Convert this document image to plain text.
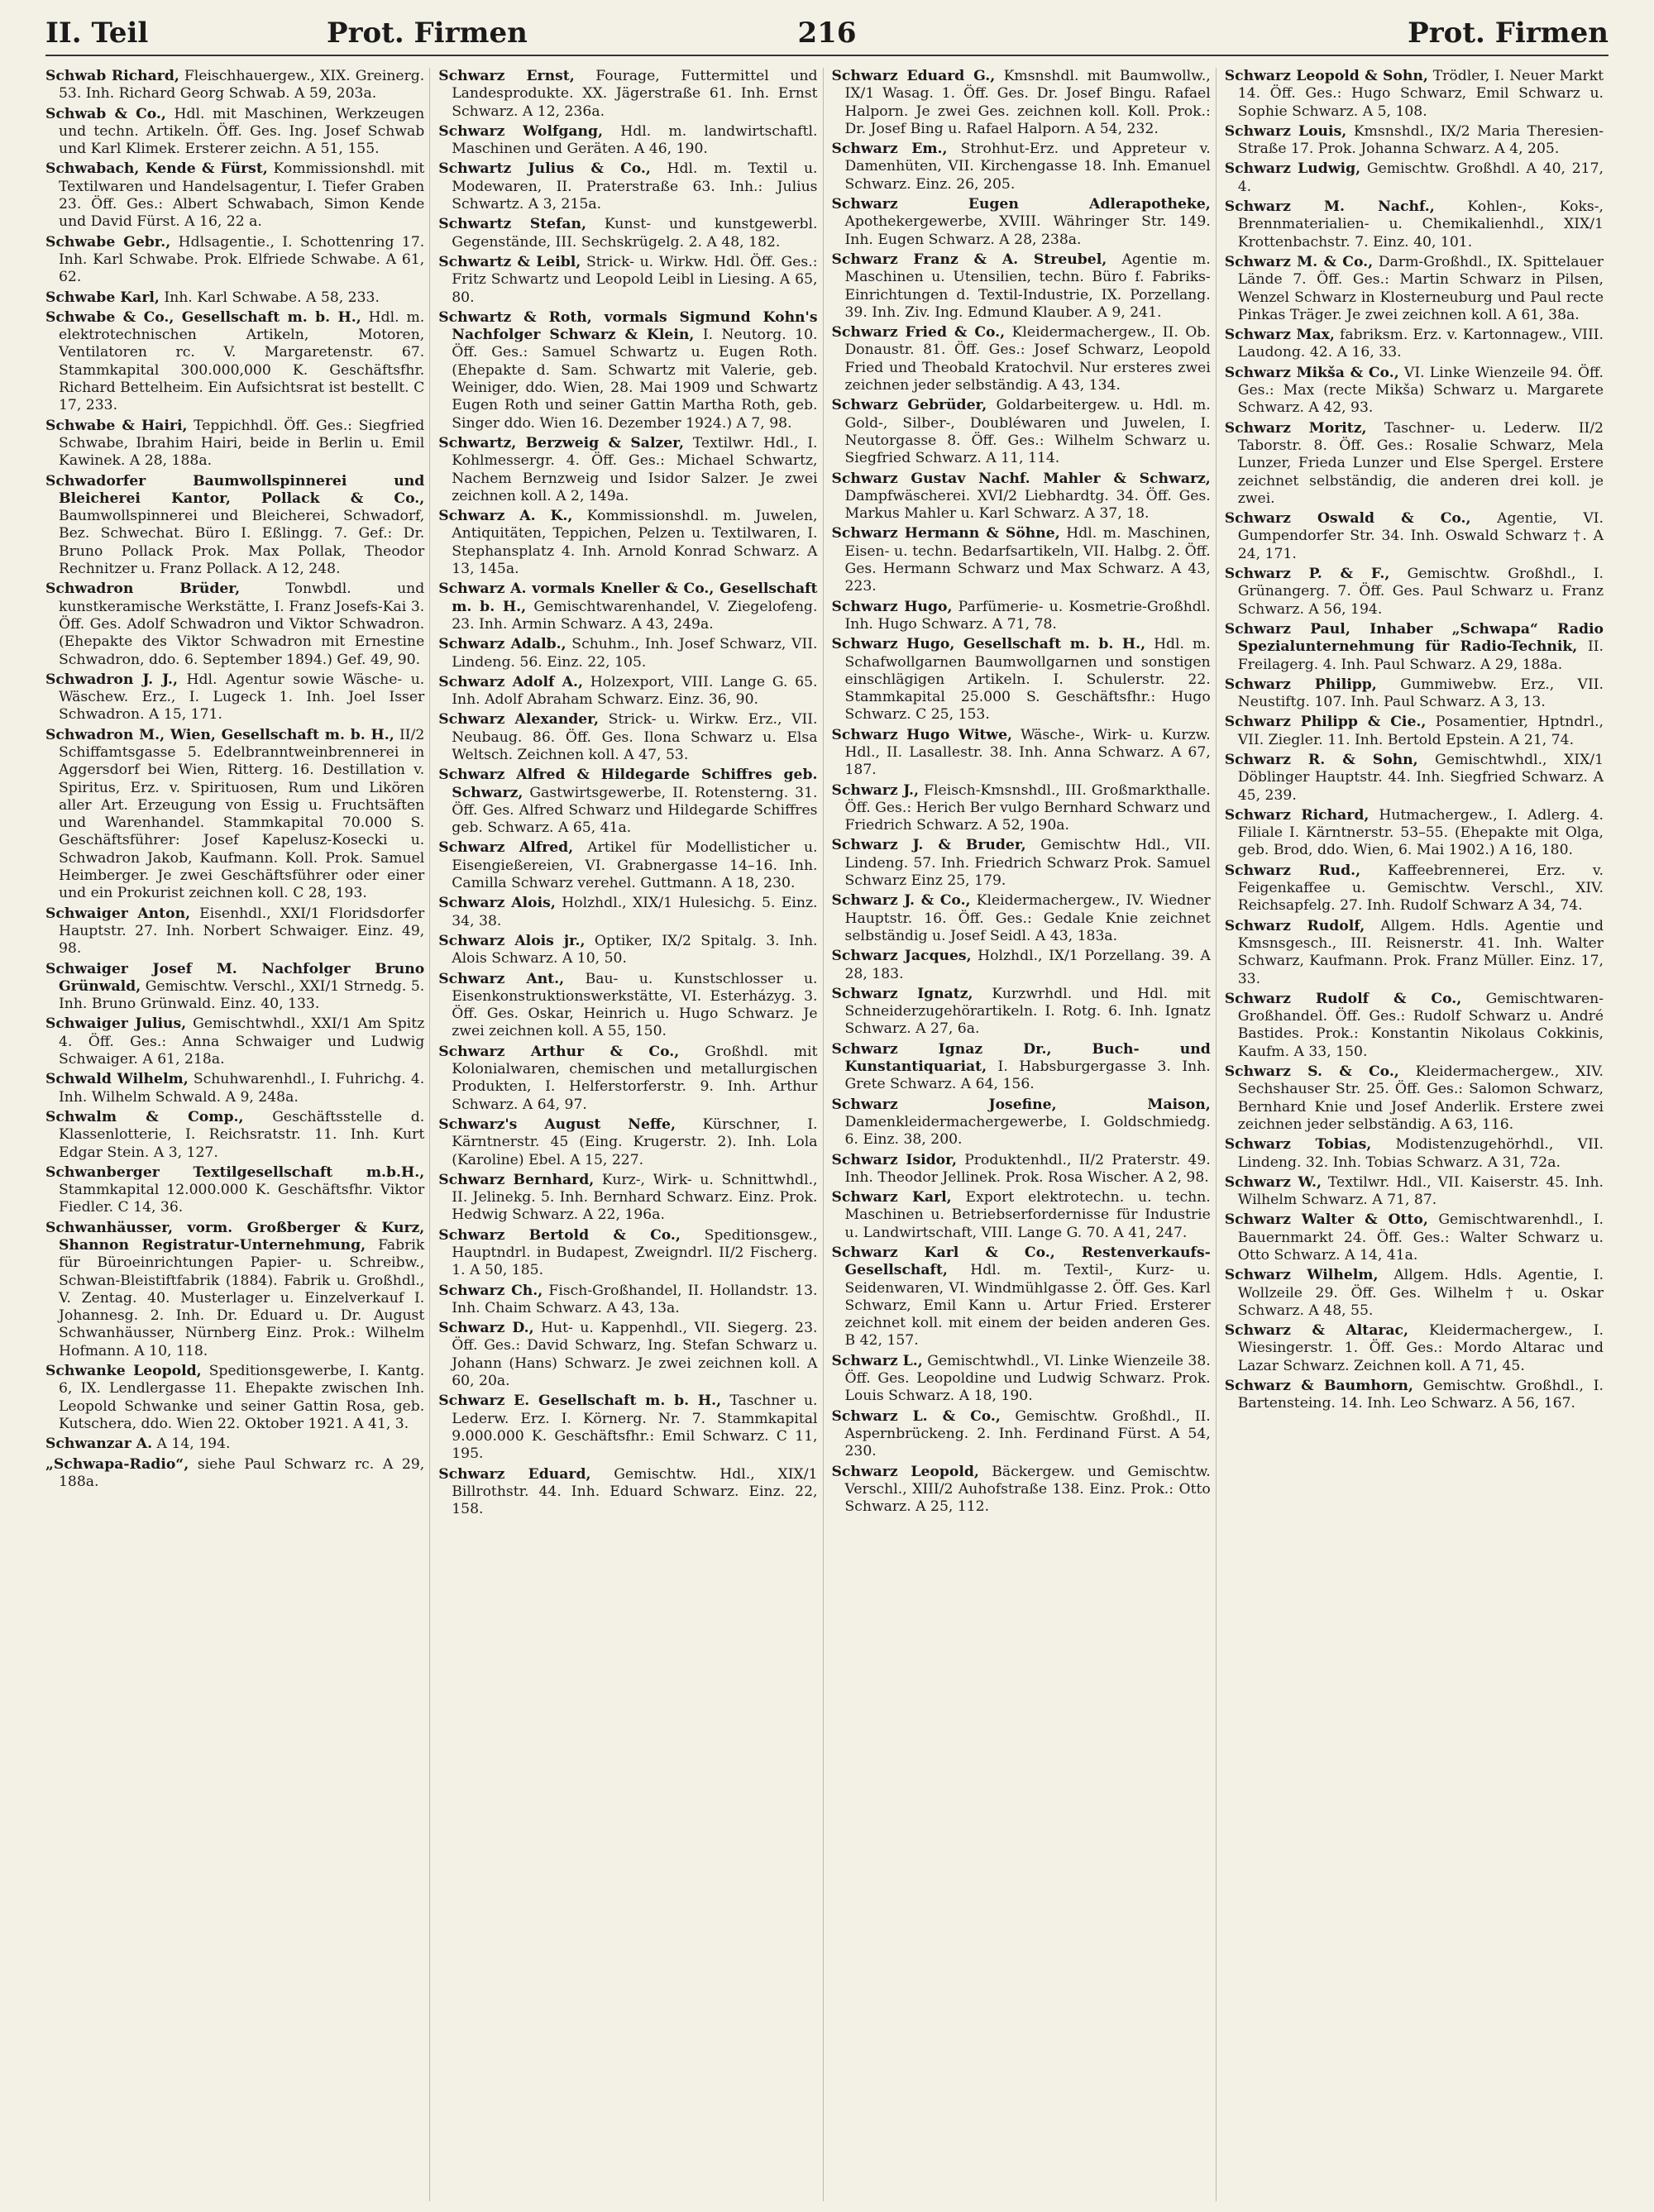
II. Teil	Prot. Firmen	216	Prot. Firmen

Schwab Richard, Fleischhauergew., XIX. Greinerg. 53. Inh. Richard Georg Schwab. A 59, 203a.

Schwab & Co., Hdl. mit Maschinen, Werkzeugen und techn. Artikeln. Öff. Ges. Ing. Josef Schwab und Karl Klimek. Ersterer zeichn. A 51, 155.

Schwabach, Kende & Fürst, Kommissionshdl. mit Textilwaren und Handelsagentur, I. Tiefer Graben 23. Öff. Ges.: Albert Schwabach, Simon Kende und David Fürst. A 16, 22 a.

Schwabe Gebr., Hdlsagentie., I. Schottenring 17. Inh. Karl Schwabe. Prok. Elfriede Schwabe. A 61, 62.

Schwabe Karl, Inh. Karl Schwabe. A 58, 233.

Schwabe & Co., Gesellschaft m. b. H., Hdl. m. elektrotechnischen Artikeln, Motoren, Ventilatoren rc. V. Margaretenstr. 67. Stammkapital 300.000,000 K. Geschäftsfhr. Richard Bettelheim. Ein Aufsichtsrat ist bestellt. C 17, 233.

Schwabe & Hairi, Teppichhdl. Öff. Ges.: Siegfried Schwabe, Ibrahim Hairi, beide in Berlin u. Emil Kawinek. A 28, 188a.

Schwadorfer Baumwollspinnerei und Bleicherei Kantor, Pollack & Co., Baumwollspinnerei und Bleicherei, Schwadorf, Bez. Schwechat. Büro I. Eßlingg. 7. Gef.: Dr. Bruno Pollack Prok. Max Pollak, Theodor Rechnitzer u. Franz Pollack. A 12, 248.

Schwadron Brüder,	Tonwbdl. und kunstkeramische Werkstätte, I. Franz Josefs-Kai 3. Öff. Ges. Adolf Schwadron und Viktor Schwadron. (Ehepakte des Viktor Schwadron mit Ernestine Schwadron, ddo. 6. September 1894.) Gef. 49, 90.

Schwadron J. J., Hdl. Agentur sowie Wäsche- u. Wäschew. Erz., I. Lugeck 1. Inh. Joel Isser Schwadron. A 15, 171.

Schwadron M., Wien, Gesellschaft m. b. H., II/2 Schiffamtsgasse 5. Edelbranntweinbrennerei in Aggersdorf bei Wien, Ritterg. 16. Destillation v. Spiritus, Erz. v. Spirituosen, Rum und Likören aller Art. Erzeugung von Essig u. Fruchtsäften und Warenhandel. Stammkapital 70.000 S. Geschäftsführer: Josef Kapelusz-Kosecki u. Schwadron Jakob, Kaufmann. Koll. Prok. Samuel Heimberger. Je zwei Geschäftsführer oder einer und ein Prokurist zeichnen koll. C 28, 193.

Schwaiger Anton, Eisenhdl., XXI/1 Floridsdorfer Hauptstr. 27. Inh. Norbert Schwaiger. Einz. 49, 98.

Schwaiger Josef M. Nachfolger Bruno Grünwald, Gemischtw. Verschl., XXI/1 Strnedg. 5. Inh. Bruno Grünwald. Einz. 40, 133.

Schwaiger Julius, Gemischtwhdl., XXI/1 Am Spitz 4. Öff. Ges.: Anna Schwaiger und Ludwig Schwaiger. A 61, 218a.

Schwald Wilhelm, Schuhwarenhdl., I. Fuhrichg. 4. Inh. Wilhelm Schwald. A 9, 248a.

Schwalm & Comp., Geschäftsstelle d. Klassenlotterie, I. Reichsratstr. 11. Inh. Kurt Edgar Stein. A 3, 127.

Schwanberger Textilgesellschaft m.b.H., Stammkapital 12.000.000 K. Geschäftsfhr. Viktor Fiedler. C 14, 36.

Schwanhäusser, vorm. Großberger & Kurz, Shannon Registratur-Unternehmung, Fabrik für Büroeinrichtungen Papier- u. Schreibw., Schwan-Bleistiftfabrik (1884). Fabrik u. Großhdl., V. Zentag. 40. Musterlager u. Einzelverkauf I. Johannesg. 2. Inh. Dr. Eduard u. Dr. August Schwanhäusser, Nürnberg Einz. Prok.: Wilhelm Hofmann. A 10, 118.

Schwanke Leopold, Speditionsgewerbe, I. Kantg. 6, IX. Lendlergasse 11. Ehepakte zwischen Inh. Leopold Schwanke und seiner Gattin Rosa, geb. Kutschera, ddo. Wien 22. Oktober 1921. A 41, 3.

Schwanzar A. A 14, 194.

„Schwapa-Radio“, siehe Paul Schwarz rc. A 29, 188a.

Schwarz Ernst, Fourage, Futtermittel und Landesprodukte. XX. Jägerstraße 61. Inh. Ernst Schwarz. A 12, 236a.

Schwarz Wolfgang, Hdl. m. landwirtschaftl. Maschinen und Geräten. A 46, 190.

Schwartz Julius & Co., Hdl. m. Textil u. Modewaren, II. Praterstraße 63. Inh.: Julius Schwartz. A 3, 215a.

Schwartz Stefan, Kunst- und kunstgewerbl. Gegenstände, III. Sechskrügelg. 2. A 48, 182.

Schwartz & Leibl, Strick- u. Wirkw. Hdl. Öff. Ges.: Fritz Schwartz und Leopold Leibl in Liesing. A 65, 80.

Schwartz & Roth, vormals Sigmund Kohn's Nachfolger Schwarz & Klein, I. Neutorg. 10. Öff. Ges.: Samuel Schwartz u. Eugen Roth. (Ehepakte d. Sam. Schwartz mit Valerie, geb. Weiniger, ddo. Wien, 28. Mai 1909 und Schwartz Eugen Roth und seiner Gattin Martha Roth, geb. Singer ddo. Wien 16. Dezember 1924.) A 7, 98.

Schwartz, Berzweig & Salzer, Textilwr. Hdl., I. Kohlmessergr. 4. Öff. Ges.: Michael Schwartz, Nachem Bernzweig und Isidor Salzer. Je zwei zeichnen koll. A 2, 149a.

Schwarz A. K., Kommissionshdl. m. Juwelen, Antiquitäten, Teppichen, Pelzen u. Textilwaren, I. Stephansplatz 4. Inh. Arnold Konrad Schwarz. A 13, 145a.

Schwarz A. vormals Kneller & Co., Gesellschaft m. b. H., Gemischtwarenhandel, V. Ziegelofeng. 23. Inh. Armin Schwarz. A 43, 249a.

Schwarz Adalb., Schuhm., Inh. Josef Schwarz, VII. Lindeng. 56. Einz. 22, 105.

Schwarz Adolf A., Holzexport, VIII. Lange G. 65. Inh. Adolf Abraham Schwarz. Einz. 36, 90.

Schwarz Alexander, Strick- u. Wirkw. Erz., VII. Neubaug. 86. Öff. Ges. Ilona Schwarz u. Elsa Weltsch. Zeichnen koll. A 47, 53.

Schwarz Alfred & Hildegarde Schiffres geb. Schwarz, Gastwirtsgewerbe, II. Rotensterng. 31. Öff. Ges. Alfred Schwarz und Hildegarde Schiffres geb. Schwarz. A 65, 41a.

Schwarz Alfred, Artikel für Modellisticher u. Eisengießereien, VI. Grabnergasse 14–16. Inh. Camilla Schwarz verehel. Guttmann. A 18, 230.

Schwarz Alois, Holzhdl., XIX/1 Hulesichg. 5. Einz. 34, 38.

Schwarz Alois jr., Optiker, IX/2 Spitalg. 3. Inh. Alois Schwarz. A 10, 50.

Schwarz Ant., Bau- u. Kunstschlosser u. Eisenkonstruktionswerkstätte, VI. Esterházyg. 3. Öff. Ges. Oskar, Heinrich u. Hugo Schwarz. Je zwei zeichnen koll. A 55, 150.

Schwarz Arthur & Co., Großhdl. mit Kolonialwaren, chemischen und metallurgischen Produkten, I. Helferstorferstr. 9. Inh. Arthur Schwarz. A 64, 97.

Schwarz's August Neffe, Kürschner, I. Kärntnerstr. 45 (Eing. Krugerstr. 2). Inh. Lola (Karoline) Ebel. A 15, 227.

Schwarz Bernhard, Kurz-, Wirk- u. Schnittwhdl., II. Jelinekg. 5. Inh. Bernhard Schwarz. Einz. Prok. Hedwig Schwarz. A 22, 196a.

Schwarz Bertold & Co., Speditionsgew., Hauptndrl. in Budapest, Zweigndrl. II/2 Fischerg. 1. A 50, 185.

Schwarz Ch., Fisch-Großhandel, II. Hollandstr. 13. Inh. Chaim Schwarz. A 43, 13a.

Schwarz D., Hut- u. Kappenhdl., VII. Siegerg. 23. Öff. Ges.: David Schwarz, Ing. Stefan Schwarz u. Johann (Hans) Schwarz. Je zwei zeichnen koll. A 60, 20a.

Schwarz E. Gesellschaft m. b. H., Taschner u. Lederw. Erz. I. Körnerg. Nr. 7. Stammkapital 9.000.000 K. Geschäftsfhr.: Emil Schwarz. C 11, 195.

Schwarz Eduard, Gemischtw. Hdl., XIX/1 Billrothstr. 44. Inh. Eduard Schwarz. Einz. 22, 158.

Schwarz Eduard G., Kmsnshdl. mit Baumwollw., IX/1 Wasag. 1. Öff. Ges. Dr. Josef Bingu. Rafael Halporn. Je zwei Ges. zeichnen koll. Koll. Prok.: Dr. Josef Bing u. Rafael Halporn. A 54, 232.

Schwarz Em., Strohhut-Erz. und Appreteur v. Damenhüten, VII. Kirchengasse 18. Inh. Emanuel Schwarz. Einz. 26, 205.

Schwarz Eugen Adlerapotheke, Apothekergewerbe, XVIII. Währinger Str. 149. Inh. Eugen Schwarz. A 28, 238a.

Schwarz Franz & A. Streubel, Agentie m. Maschinen u. Utensilien, techn. Büro f. Fabriks-Einrichtungen d. Textil-Industrie, IX. Porzellang. 39. Inh. Ziv. Ing. Edmund Klauber. A 9, 241.

Schwarz Fried & Co., Kleidermachergew., II. Ob. Donaustr. 81. Öff. Ges.: Josef Schwarz, Leopold Fried und Theobald Kratochvil. Nur ersteres zwei zeichnen jeder selbständig. A 43, 134.

Schwarz Gebrüder, Goldarbeitergew. u. Hdl. m. Gold-, Silber-, Doubléwaren und Juwelen, I. Neutorgasse 8. Öff. Ges.: Wilhelm Schwarz u. Siegfried Schwarz. A 11, 114.

Schwarz Gustav Nachf. Mahler & Schwarz, Dampfwäscherei. XVI/2 Liebhardtg. 34. Öff. Ges. Markus Mahler u. Karl Schwarz. A 37, 18.

Schwarz Hermann & Söhne, Hdl. m. Maschinen, Eisen- u. techn. Bedarfsartikeln, VII. Halbg. 2. Öff. Ges. Hermann Schwarz und Max Schwarz. A 43, 223.

Schwarz Hugo, Parfümerie- u. Kosmetrie-Großhdl. Inh. Hugo Schwarz. A 71, 78.

Schwarz Hugo, Gesellschaft m. b. H., Hdl. m. Schafwollgarnen Baumwollgarnen und sonstigen einschlägigen Artikeln. I. Schulerstr. 22. Stammkapital 25.000 S. Geschäftsfhr.: Hugo Schwarz. C 25, 153.

Schwarz Hugo Witwe, Wäsche-, Wirk- u. Kurzw. Hdl., II. Lasallestr. 38. Inh. Anna Schwarz. A 67, 187.

Schwarz J., Fleisch-Kmsnshdl., III. Großmarkthalle. Öff. Ges.: Herich Ber vulgo Bernhard Schwarz und Friedrich Schwarz. A 52, 190a.

Schwarz J. & Bruder, Gemischtw Hdl., VII. Lindeng. 57. Inh. Friedrich Schwarz Prok. Samuel Schwarz Einz 25, 179.

Schwarz J. & Co., Kleidermachergew., IV. Wiedner Hauptstr. 16. Öff. Ges.: Gedale Knie zeichnet selbständig u. Josef Seidl. A 43, 183a.

Schwarz Jacques, Holzhdl., IX/1 Porzellang. 39. A 28, 183.

Schwarz Ignatz, Kurzwrhdl. und Hdl. mit Schneiderzugehörartikeln. I. Rotg. 6. Inh. Ignatz Schwarz. A 27, 6a.

Schwarz Ignaz Dr., Buch- und Kunstantiquariat, I. Habsburgergasse 3. Inh. Grete Schwarz. A 64, 156.

Schwarz Josefine, Maison, Damenkleidermachergewerbe, I. Goldschmiedg. 6. Einz. 38, 200.

Schwarz Isidor, Produktenhdl., II/2 Praterstr. 49. Inh. Theodor Jellinek. Prok. Rosa Wischer. A 2, 98.

Schwarz Karl, Export elektrotechn. u. techn. Maschinen u. Betriebserfordernisse für Industrie u. Landwirtschaft, VIII. Lange G. 70. A 41, 247.

Schwarz Karl & Co., Restenverkaufs-Gesellschaft, Hdl. m. Textil-, Kurz- u. Seidenwaren, VI. Windmühlgasse 2. Öff. Ges. Karl Schwarz, Emil Kann u. Artur Fried. Ersterer zeichnet koll. mit einem der beiden anderen Ges. B 42, 157.

Schwarz L., Gemischtwhdl., VI. Linke Wienzeile 38. Öff. Ges. Leopoldine und Ludwig Schwarz. Prok. Louis Schwarz. A 18, 190.

Schwarz L. & Co., Gemischtw. Großhdl., II. Aspernbrückeng. 2. Inh. Ferdinand Fürst. A 54, 230.

Schwarz Leopold, Bäckergew. und Gemischtw. Verschl., XIII/2 Auhofstraße 138. Einz. Prok.: Otto Schwarz. A 25, 112.

Schwarz Leopold & Sohn, Trödler, I. Neuer Markt 14. Öff. Ges.: Hugo Schwarz, Emil Schwarz u. Sophie Schwarz. A 5, 108.

Schwarz Louis, Kmsnshdl., IX/2 Maria Theresien-Straße 17. Prok. Johanna Schwarz. A 4, 205.

Schwarz Ludwig, Gemischtw. Großhdl. A 40, 217, 4.

Schwarz M. Nachf., Kohlen-, Koks-, Brennmaterialien- u. Chemikalienhdl., XIX/1 Krottenbachstr. 7. Einz. 40, 101.

Schwarz M. & Co., Darm-Großhdl., IX. Spittelauer Lände 7. Öff. Ges.: Martin Schwarz in Pilsen, Wenzel Schwarz in Klosterneuburg und Paul recte Pinkas Träger. Je zwei zeichnen koll. A 61, 38a.

Schwarz Max, fabriksm. Erz. v. Kartonnagew., VIII. Laudong. 42. A 16, 33.

Schwarz Mikša & Co., VI. Linke Wienzeile 94. Öff. Ges.: Max (recte Mikša) Schwarz u. Margarete Schwarz. A 42, 93.

Schwarz Moritz, Taschner- u. Lederw. II/2 Taborstr. 8. Öff. Ges.: Rosalie Schwarz, Mela Lunzer, Frieda Lunzer und Else Spergel. Erstere zeichnet selbständig, die anderen drei koll. je zwei.

Schwarz Oswald & Co., Agentie, VI. Gumpendorfer Str. 34. Inh. Oswald Schwarz †. A 24, 171.

Schwarz P. & F., Gemischtw. Großhdl., I. Grünangerg. 7. Öff. Ges. Paul Schwarz u. Franz Schwarz. A 56, 194.

Schwarz Paul, Inhaber „Schwapa“ Radio Spezialunternehmung für Radio-Technik, II. Freilagerg. 4. Inh. Paul Schwarz. A 29, 188a.

Schwarz Philipp, Gummiwebw. Erz., VII. Neustiftg. 107. Inh. Paul Schwarz. A 3, 13.

Schwarz Philipp & Cie., Posamentier, Hptndrl., VII. Ziegler. 11. Inh. Bertold Epstein. A 21, 74.

Schwarz R. & Sohn, Gemischtwhdl., XIX/1 Döblinger Hauptstr. 44. Inh. Siegfried Schwarz. A 45, 239.

Schwarz Richard, Hutmachergew., I. Adlerg. 4. Filiale I. Kärntnerstr. 53–55. (Ehepakte mit Olga, geb. Brod, ddo. Wien, 6. Mai 1902.) A 16, 180.

Schwarz Rud., Kaffeebrennerei, Erz. v. Feigenkaffee u. Gemischtw. Verschl., XIV. Reichsapfelg. 27. Inh. Rudolf Schwarz A 34, 74.

Schwarz Rudolf, Allgem. Hdls. Agentie und Kmsnsgesch., III. Reisnerstr. 41. Inh. Walter Schwarz, Kaufmann. Prok. Franz Müller. Einz. 17, 33.

Schwarz Rudolf & Co., Gemischtwaren-Großhandel. Öff. Ges.: Rudolf Schwarz u. André Bastides. Prok.: Konstantin Nikolaus Cokkinis, Kaufm. A 33, 150.

Schwarz S. & Co., Kleidermachergew., XIV. Sechshauser Str. 25. Öff. Ges.: Salomon Schwarz, Bernhard Knie und Josef Anderlik. Erstere zwei zeichnen jeder selbständig. A 63, 116.

Schwarz Tobias, Modistenzugehörhdl., VII. Lindeng. 32. Inh. Tobias Schwarz. A 31, 72a.

Schwarz W., Textilwr. Hdl., VII. Kaiserstr. 45. Inh. Wilhelm Schwarz. A 71, 87.

Schwarz Walter & Otto, Gemischtwarenhdl., I. Bauernmarkt 24. Öff. Ges.: Walter Schwarz u. Otto Schwarz. A 14, 41a.

Schwarz Wilhelm, Allgem. Hdls. Agentie, I. Wollzeile 29. Öff. Ges. Wilhelm † u. Oskar Schwarz. A 48, 55.

Schwarz & Altarac, Kleidermachergew., I. Wiesingerstr. 1. Öff. Ges.: Mordo Altarac und Lazar Schwarz. Zeichnen koll. A 71, 45.

Schwarz & Baumhorn, Gemischtw. Großhdl., I. Bartensteing. 14. Inh. Leo Schwarz. A 56, 167.
